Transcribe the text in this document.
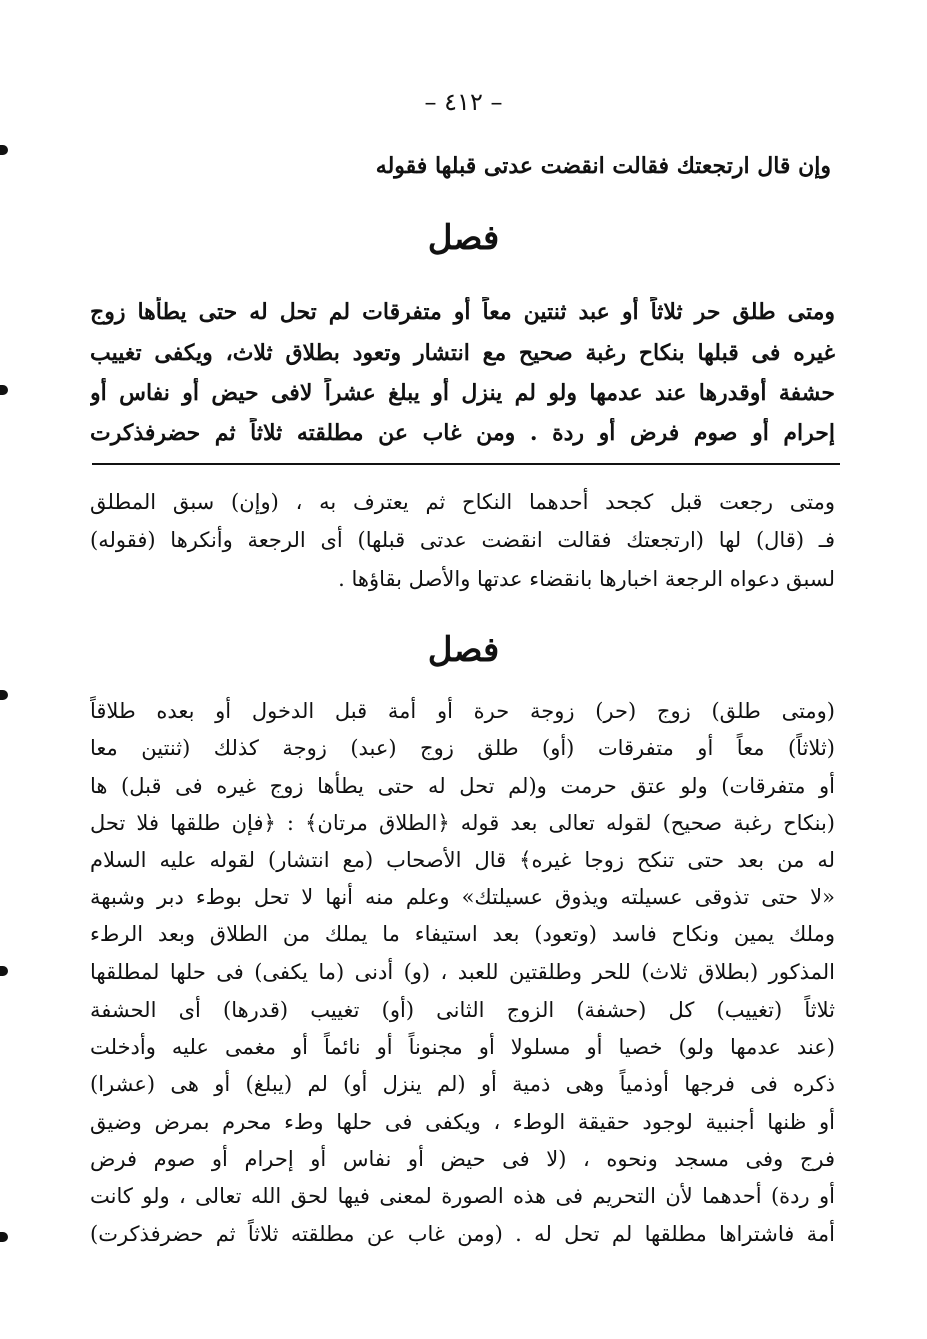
– ٤١٢ –
وإن قال ارتجعتك فقالت انقضت عدتى قبلها فقوله
فصل
ومتى طلق حر ثلاثاً أو عبد ثنتين معاً أو متفرقات لم تحل له حتى يطأها زوج
غيره فى قبلها بنكاح رغبة صحيح مع انتشار وتعود بطلاق ثلاث، ويكفى تغييب
حشفة أوقدرها عند عدمها ولو لم ينزل أو يبلغ عشراً لافى حيض أو نفاس أو
إحرام أو صوم فرض أو ردة . ومن غاب عن مطلقته ثلاثاً ثم حضرفذكرت
ومتى رجعت قبل كجحد أحدهما النكاح ثم يعترف به ، (وإن) سبق المطلق
فـ (قال) لها (ارتجعتك فقالت انقضت عدتى قبلها) أى الرجعة وأنكرها (فقوله)
لسبق دعواه الرجعة اخبارها بانقضاء عدتها والأصل بقاؤها .
فصل
(ومتى طلق) زوج (حر) زوجة حرة أو أمة قبل الدخول أو بعده طلاقاً
(ثلاثاً) معاً أو متفرقات (أو) طلق زوج (عبد) زوجة كذلك (ثنتين معا
أو متفرقات) ولو عتق حرمت و(لم تحل له حتى يطأها زوج غيره فى قبل) ها
(بنكاح رغبة صحيح) لقوله تعالى بعد قوله ﴿الطلاق مرتان﴾ : ﴿فإن طلقها فلا تحل
له من بعد حتى تنكح زوجا غيره﴾ قال الأصحاب (مع انتشار) لقوله عليه السلام
«لا حتى تذوقى عسيلته ويذوق عسيلتك» وعلم منه أنها لا تحل بوطء دبر وشبهة
وملك يمين ونكاح فاسد (وتعود) بعد استيفاء ما يملك من الطلاق وبعد الرطء
المذكور (بطلاق ثلاث) للحر وطلقتين للعبد ، (و) أدنى (ما يكفى) فى حلها لمطلقها
ثلاثاً (تغييب) كل (حشفة) الزوج الثانى (أو) تغييب (قدرها) أى الحشفة
(عند عدمها ولو) خصيا أو مسلولا أو مجنوناً أو نائماً أو مغمى عليه وأدخلت
ذكره فى فرجها أوذمياً وهى ذمية أو (لم ينزل أو) لم (يبلغ) أو هى (عشرا)
أو ظنها أجنبية لوجود حقيقة الوطء ، ويكفى فى حلها وطء محرم بمرض وضيق
فرج وفى مسجد ونحوه ، (لا فى حيض أو نفاس أو إحرام أو صوم فرض
أو ردة) أحدهما لأن التحريم فى هذه الصورة لمعنى فيها لحق الله تعالى ، ولو كانت
أمة فاشتراها مطلقها لم تحل له . (ومن غاب عن مطلقته ثلاثاً ثم حضرفذكرت)
